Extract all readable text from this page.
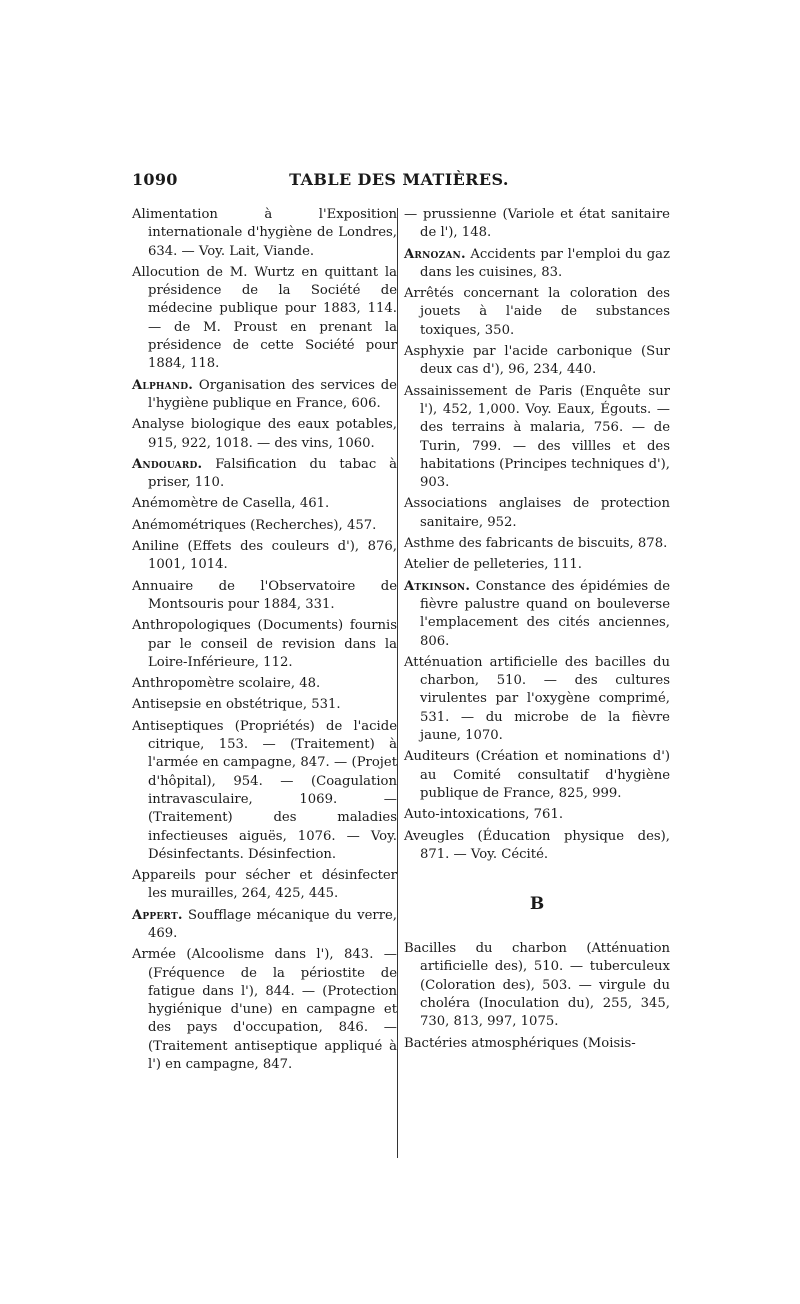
1090	TABLE DES MATIÈRES.

Alimentation à l'Exposition internationale d'hygiène de Londres, 634. — Voy. Lait, Viande.

Allocution de M. Wurtz en quittant la présidence de la Société de médecine publique pour 1883, 114. — de M. Proust en prenant la présidence de cette Société pour 1884, 118.

Alphand. Organisation des services de l'hygiène publique en France, 606.

Analyse biologique des eaux potables, 915, 922, 1018. — des vins, 1060.

Andouard. Falsification du tabac à priser, 110.

Anémomètre de Casella, 461.

Anémométriques (Recherches), 457.

Aniline (Effets des couleurs d'), 876, 1001, 1014.

Annuaire de l'Observatoire de Montsouris pour 1884, 331.

Anthropologiques (Documents) fournis par le conseil de revision dans la Loire-Inférieure, 112.

Anthropomètre scolaire, 48.

Antisepsie en obstétrique, 531.

Antiseptiques (Propriétés) de l'acide citrique, 153. — (Traitement) à l'armée en campagne, 847. — (Projet d'hôpital), 954. — (Coagulation intravasculaire, 1069. — (Traitement) des maladies infectieuses aiguës, 1076. — Voy. Désinfectants. Désinfection.

Appareils pour sécher et désinfecter les murailles, 264, 425, 445.

Appert. Soufflage mécanique du verre, 469.

Armée (Alcoolisme dans l'), 843. — (Fréquence de la périostite de fatigue dans l'), 844. — (Protection hygiénique d'une) en campagne et des pays d'occupation, 846. — (Traitement antiseptique appliqué à l') en campagne, 847.

— prussienne (Variole et état sanitaire de l'), 148.

Arnozan. Accidents par l'emploi du gaz dans les cuisines, 83.

Arrêtés concernant la coloration des jouets à l'aide de substances toxiques, 350.

Asphyxie par l'acide carbonique (Sur deux cas d'), 96, 234, 440.

Assainissement de Paris (Enquête sur l'), 452, 1,000. Voy. Eaux, Égouts. — des terrains à malaria, 756. — de Turin, 799. — des villles et des habitations (Principes techniques d'), 903.

Associations anglaises de protection sanitaire, 952.

Asthme des fabricants de biscuits, 878.

Atelier de pelleteries, 111.

Atkinson. Constance des épidémies de fièvre palustre quand on bouleverse l'emplacement des cités anciennes, 806.

Atténuation artificielle des bacilles du charbon, 510. — des cultures virulentes par l'oxygène comprimé, 531. — du microbe de la fièvre jaune, 1070.

Auditeurs (Création et nominations d') au Comité consultatif d'hygiène publique de France, 825, 999.

Auto-intoxications, 761.

Aveugles (Éducation physique des), 871. — Voy. Cécité.

B

Bacilles du charbon (Atténuation artificielle des), 510. — tuberculeux (Coloration des), 503. — virgule du choléra (Inoculation du), 255, 345, 730, 813, 997, 1075.

Bactéries atmosphériques (Moisis-
